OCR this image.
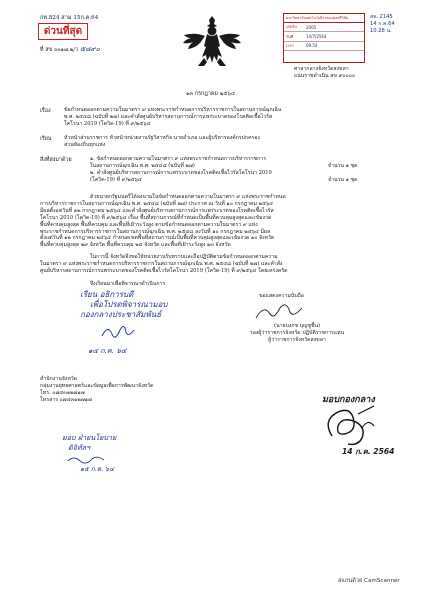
กท.824 สาม 15ก.ค.64
ด่วนที่สุด
ที่ สข ๐๐๑๗.๒/ว ๕๘๙๐
มหาวิทยาลัยเทคโนโลยีราชมงคลศรีวิชัย
เลขรับ	2005
วันที่	14/7/2564
เวลา	09.54
สจ. 2145
14 ก.ค.64
10.28 น.
ศาลากลางจังหวัดสงขลา
ถนนราชดำเนิน สข ๙๐๐๐๐
๑๓ กรกฎาคม ๒๕๖๔
เรื่อง	ข้อกำหนดออกตามความในมาตรา ๙ แห่งพระราชกำหนดการบริหารราชการในสถานการณ์ฉุกเฉิน
พ.ศ. ๒๕๔๘ (ฉบับที่ ๒๗) และคำสั่งศูนย์บริหารสถานการณ์การแพร่ระบาดของโรคติดเชื้อไวรัส
โคโรนา 2019 (โควิด-19) ที่ ๙/๒๕๖๔
เรียน หัวหน้าส่วนราชการ หัวหน้าหน่วยงานรัฐวิสาหกิจ นายอำเภอ และผู้บริหารองค์กรปกครอง
ส่วนท้องถิ่นทุกแห่ง
สิ่งที่ส่งมาด้วย	๑. ข้อกำหนดออกตามความในมาตรา ๙ แห่งพระราชกำหนดการบริหารราชการ
ในสถานการณ์ฉุกเฉิน พ.ศ. ๒๕๔๘ (ฉบับที่ ๒๗)	จำนวน ๑ ชุด
๒. คำสั่งศูนย์บริหารสถานการณ์การแพร่ระบาดของโรคติดเชื้อไวรัสโคโรนา 2019
(โควิด-19) ที่ ๙/๒๕๖๔	จำนวน ๑ ชุด
ด้วยนายกรัฐมนตรีได้ลงนามในข้อกำหนดออกตามความในมาตรา ๙ แห่งพระราชกำหนด
การบริหารราชการในสถานการณ์ฉุกเฉิน พ.ศ. ๒๕๔๘ (ฉบับที่ ๒๗) ประกาศ ณ วันที่ ๑๐ กรกฎาคม ๒๕๖๔
มีผลตั้งแต่วันที่ ๑๒ กรกฎาคม ๒๕๖๔ และคำสั่งศูนย์บริหารสถานการณ์การแพร่ระบาดของโรคติดเชื้อไวรัส
โคโรนา 2019 (โควิด-19) ที่ ๙/๒๕๖๔ เรื่อง พื้นที่สถานการณ์ที่กำหนดเป็นพื้นที่ควบคุมสูงสุดและเข้มงวด
พื้นที่ควบคุมสูงสุด พื้นที่ควบคุม และพื้นที่เฝ้าระวังสูง ตามข้อกำหนดออกตามความในมาตรา ๙ แห่ง
พระราชกำหนดการบริหารราชการในสถานการณ์ฉุกเฉิน พ.ศ. ๒๕๔๘ ลงวันที่ ๑๐ กรกฎาคม ๒๕๖๔ มีผล
ตั้งแต่วันที่ ๑๒ กรกฎาคม ๒๕๖๔ กำหนดเขตพื้นที่สถานการณ์เป็นพื้นที่ควบคุมสูงสุดและเข้มงวด ๑๐ จังหวัด
พื้นที่ควบคุมสูงสุด ๒๙ จังหวัด พื้นที่ควบคุม ๒๕ จังหวัด และพื้นที่เฝ้าระวังสูง ๑๓ จังหวัด
ในการนี้ จังหวัดจึงขอให้หน่วยงานรับทราบและถือปฏิบัติตามข้อกำหนดออกตามความ
ในมาตรา ๙ แห่งพระราชกำหนดการบริหารราชการในสถานการณ์ฉุกเฉิน พ.ศ. ๒๕๔๘ (ฉบับที่ ๒๗) และคำสั่ง
ศูนย์บริหารสถานการณ์การแพร่ระบาดของโรคติดเชื้อไวรัสโคโรนา 2019 (โควิด-19) ที่ ๙/๒๕๖๔ โดยเคร่งครัด
จึงเรียนมาเพื่อพิจารณาดำเนินการ
เรียน อธิการบดี
เพื่อโปรดพิจารณามอบ
กองกลางประชาสัมพันธ์
๑๔ ก.ค. ๖๔
ขอแสดงความนับถือ
(นายบงกช บุญชูชื่น)
รองผู้ว่าราชการจังหวัด ปฏิบัติราชการแทน
ผู้ว่าราชการจังหวัดสงขลา
สำนักงานจังหวัด
กลุ่มงานยุทธศาสตร์และข้อมูลเพื่อการพัฒนาจังหวัด
โทร. ๐๗๔๓๑๒๗๑๗
โทรสาร ๐๗๔๓๑๒๗๑๗
มอบ ฝ่ายนโยบาย
ดิจิทัลฯ
๑๕ ก.ค. ๖๔
มอบกองกลาง
14 ก.ค. 2564
สแกนด้วย CamScanner
